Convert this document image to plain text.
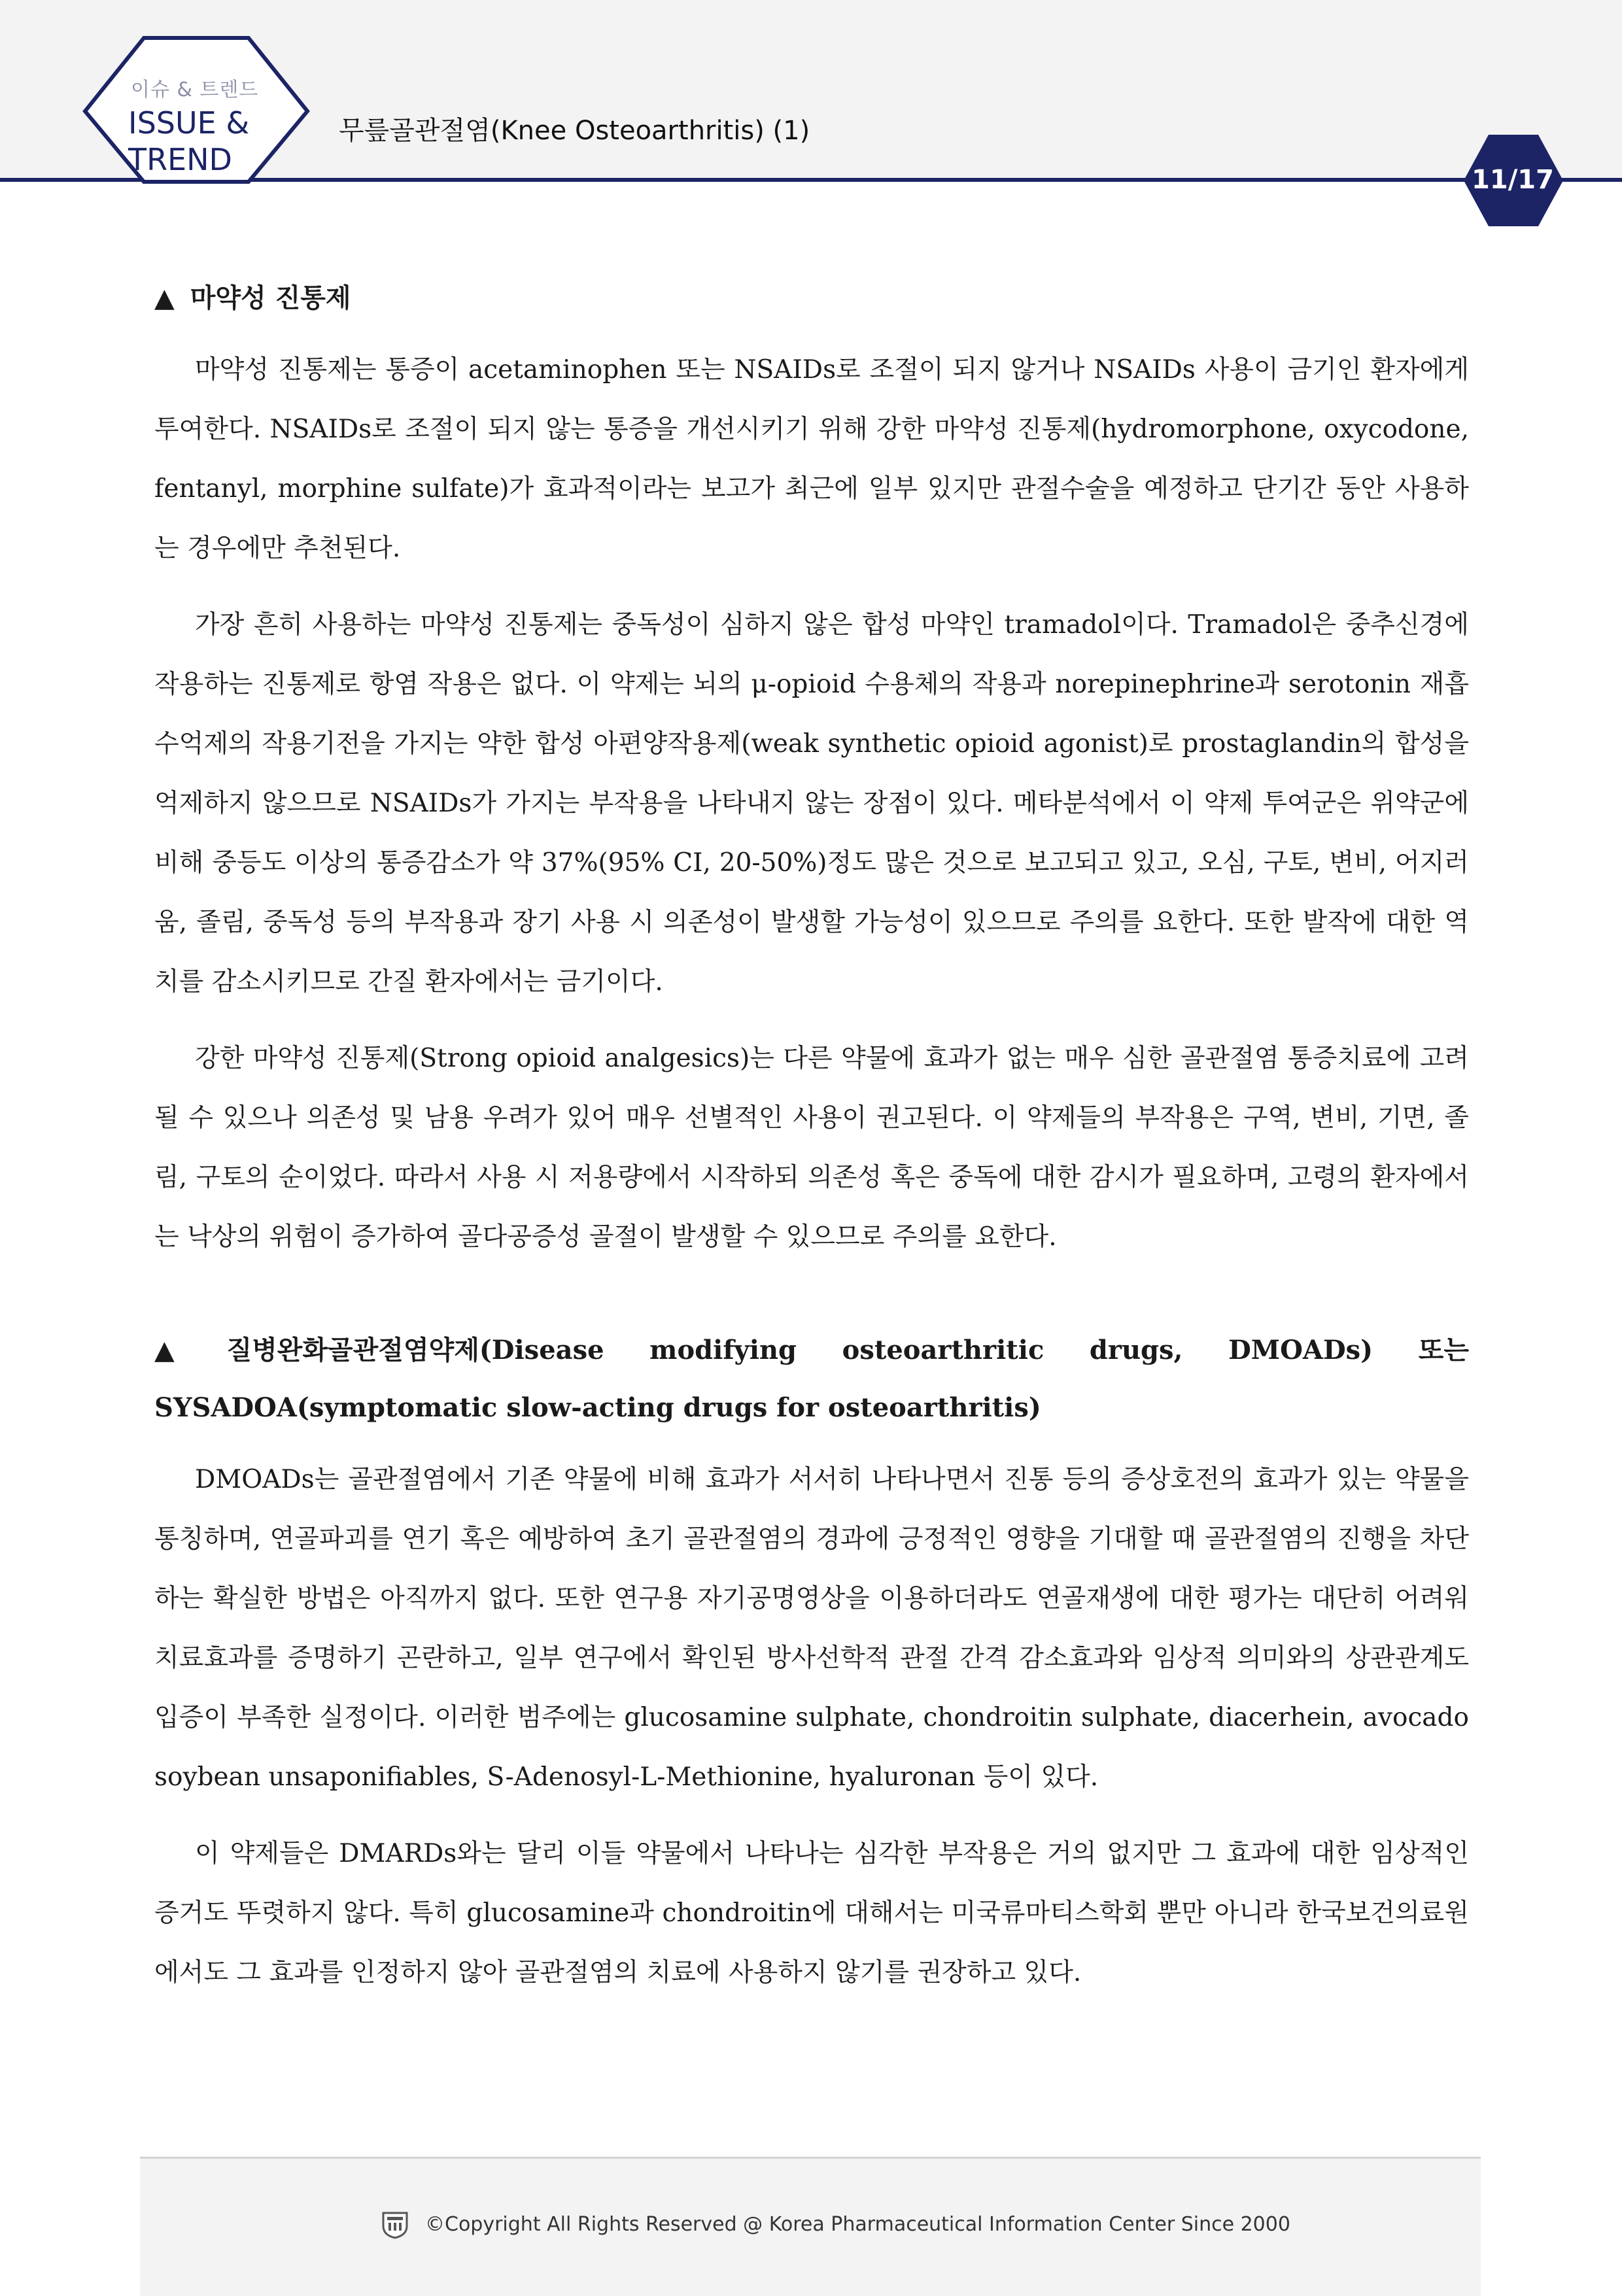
이슈 & 트렌드
ISSUE &
TREND
무릎골관절염(Knee Osteoarthritis) (1)
11/17

▲ 마약성 진통제

마약성 진통제는 통증이 acetaminophen 또는 NSAIDs로 조절이 되지 않거나 NSAIDs 사용이 금기인 환자에게 투여한다. NSAIDs로 조절이 되지 않는 통증을 개선시키기 위해 강한 마약성 진통제(hydromorphone, oxycodone, fentanyl, morphine sulfate)가 효과적이라는 보고가 최근에 일부 있지만 관절수술을 예정하고 단기간 동안 사용하는 경우에만 추천된다.

가장 흔히 사용하는 마약성 진통제는 중독성이 심하지 않은 합성 마약인 tramadol이다. Tramadol은 중추신경에 작용하는 진통제로 항염 작용은 없다. 이 약제는 뇌의 μ-opioid 수용체의 작용과 norepinephrine과 serotonin 재흡수억제의 작용기전을 가지는 약한 합성 아편양작용제(weak synthetic opioid agonist)로 prostaglandin의 합성을 억제하지 않으므로 NSAIDs가 가지는 부작용을 나타내지 않는 장점이 있다. 메타분석에서 이 약제 투여군은 위약군에 비해 중등도 이상의 통증감소가 약 37%(95% CI, 20-50%)정도 많은 것으로 보고되고 있고, 오심, 구토, 변비, 어지러움, 졸림, 중독성 등의 부작용과 장기 사용 시 의존성이 발생할 가능성이 있으므로 주의를 요한다. 또한 발작에 대한 역치를 감소시키므로 간질 환자에서는 금기이다.

강한 마약성 진통제(Strong opioid analgesics)는 다른 약물에 효과가 없는 매우 심한 골관절염 통증치료에 고려될 수 있으나 의존성 및 남용 우려가 있어 매우 선별적인 사용이 권고된다. 이 약제들의 부작용은 구역, 변비, 기면, 졸림, 구토의 순이었다. 따라서 사용 시 저용량에서 시작하되 의존성 혹은 중독에 대한 감시가 필요하며, 고령의 환자에서는 낙상의 위험이 증가하여 골다공증성 골절이 발생할 수 있으므로 주의를 요한다.

▲ 질병완화골관절염약제(Disease modifying osteoarthritic drugs, DMOADs) 또는SYSADOA(symptomatic slow-acting drugs for osteoarthritis)

DMOADs는 골관절염에서 기존 약물에 비해 효과가 서서히 나타나면서 진통 등의 증상호전의 효과가 있는 약물을 통칭하며, 연골파괴를 연기 혹은 예방하여 초기 골관절염의 경과에 긍정적인 영향을 기대할 때 골관절염의 진행을 차단하는 확실한 방법은 아직까지 없다. 또한 연구용 자기공명영상을 이용하더라도 연골재생에 대한 평가는 대단히 어려워 치료효과를 증명하기 곤란하고, 일부 연구에서 확인된 방사선학적 관절 간격 감소효과와 임상적 의미와의 상관관계도 입증이 부족한 실정이다. 이러한 범주에는 glucosamine sulphate, chondroitin sulphate, diacerhein, avocado soybean unsaponifiables, S-Adenosyl-L-Methionine, hyaluronan 등이 있다.

이 약제들은 DMARDs와는 달리 이들 약물에서 나타나는 심각한 부작용은 거의 없지만 그 효과에 대한 임상적인 증거도 뚜렷하지 않다. 특히 glucosamine과 chondroitin에 대해서는 미국류마티스학회 뿐만 아니라 한국보건의료원에서도 그 효과를 인정하지 않아 골관절염의 치료에 사용하지 않기를 권장하고 있다.

©Copyright All Rights Reserved @ Korea Pharmaceutical Information Center Since 2000
